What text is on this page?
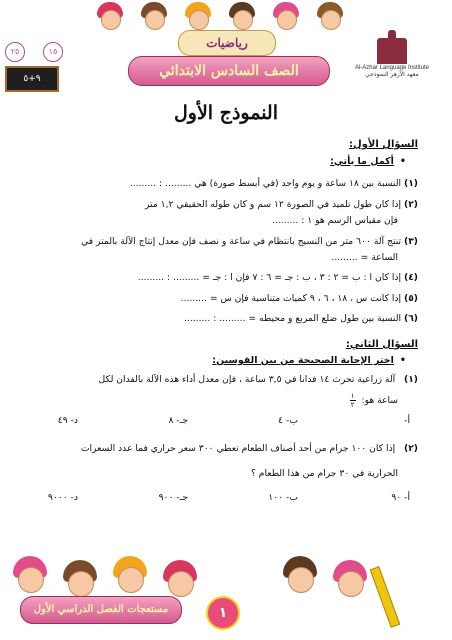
٢٥	١٥
٩+٥
رياضيات
الصف السادس الابتدائي	Al-Azhar Language Institute
معهد الأزهر النموذجي
النموذج الأول

السؤال الأول:

• أكمل ما يأتي:

(١) النسبة بين ١٨ ساعة و يوم واحد (في أبسط صورة) هي ......... : .........
(٢) إذا كان طول تلميذ في الصورة ١٢ سم و كان طوله الحقيقي ١,٢ متر
فإن مقياس الرسم هو ١ : .........
(٣) تنتج آلة ٦٠٠ متر من النسيج بانتظام في ساعة و نصف فإن معدل إنتاج الآلة بالمتر في
الساعة = .........
(٤) إذا كان ا : ب = ٢ : ٣ ، ب : جـ = ٦ : ٧ فإن ا : جـ = ......... : .........
(٥) إذا كانت س ، ١٨ ، ٦ ، ٩ كميات متناسبة فإن س = .........
(٦) النسبة بين طول ضلع المربع و محيطه = ......... : .........

السؤال الثاني:

• اختر الإجابة الصحيحة من بين القوسين:

(١)   آلة زراعية تحرث ١٤ فدانا في ٣,٥ ساعة ، فإن معدل أداء هذه الآلة بالفدان لكل
ساعة هو:
$\frac{١}{٢}$
أ-
ب- ٤
جـ- ٨
د- ٤٩
(٢)   إذا كان ١٠٠ جرام من أحد أصناف الطعام تعطي ٣٠٠ سعر حراري فما عدد السعرات
الحرارية في ٣٠ جرام من هذا الطعام ؟
أ- ٩٠
ب- ١٠٠
جـ- ٩٠٠
د- ٩٠٠٠
مستعجات الفصل الدراسي الأول	١
